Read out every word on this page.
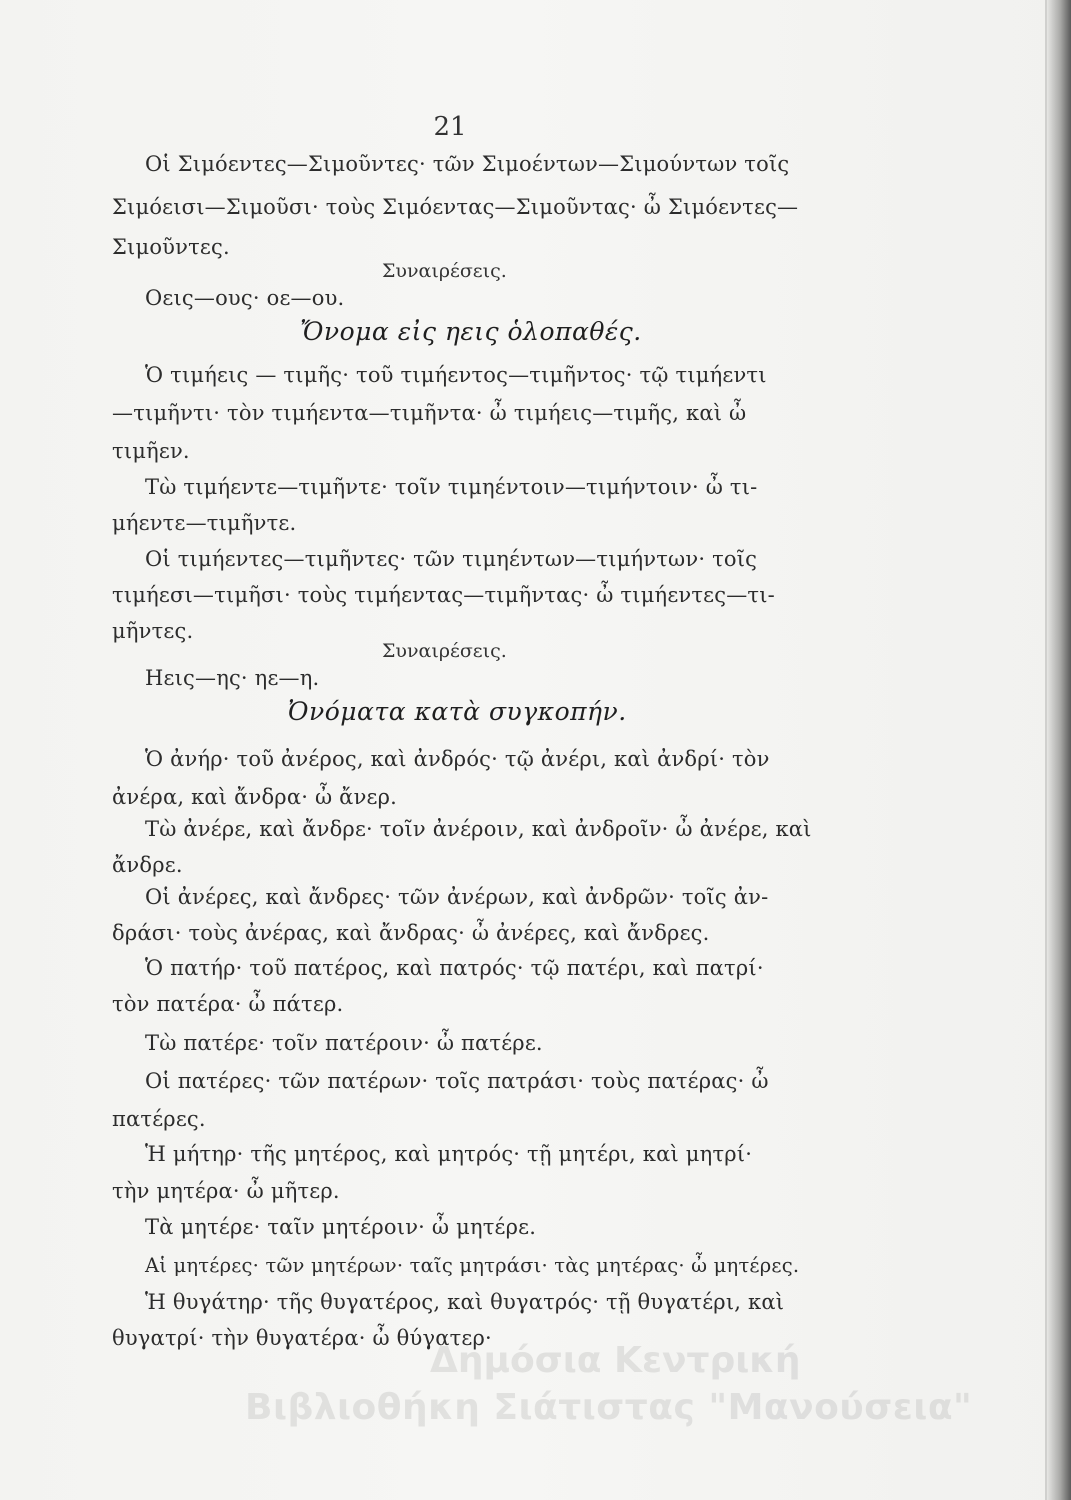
21
Οἱ Σιμόεντες—Σιμοῦντες· τῶν Σιμοέντων—Σιμούντων τοῖς
Σιμόεισι—Σιμοῦσι· τοὺς Σιμόεντας—Σιμοῦντας· ὦ Σιμόεντες—
Σιμοῦντες.
Συναιρέσεις.
Οεις—ους· οε—ου.
Ὄνομα εἰς ηεις ὁλοπαθές.
Ὁ τιμήεις — τιμῆς· τοῦ τιμήεντος—τιμῆντος· τῷ τιμήεντι
—τιμῆντι· τὸν τιμήεντα—τιμῆντα· ὦ τιμήεις—τιμῆς, καὶ ὦ
τιμῆεν.
Τὼ τιμήεντε—τιμῆντε· τοῖν τιμηέντοιν—τιμήντοιν· ὦ τι-
μήεντε—τιμῆντε.
Οἱ τιμήεντες—τιμῆντες· τῶν τιμηέντων—τιμήντων· τοῖς
τιμήεσι—τιμῆσι· τοὺς τιμήεντας—τιμῆντας· ὦ τιμήεντες—τι-
μῆντες.
Συναιρέσεις.
Ηεις—ης· ηε—η.
Ὀνόματα κατὰ συγκοπήν.
Ὁ ἀνήρ· τοῦ ἀνέρος, καὶ ἀνδρός· τῷ ἀνέρι, καὶ ἀνδρί· τὸν
ἀνέρα, καὶ ἄνδρα· ὦ ἄνερ.
Τὼ ἀνέρε, καὶ ἄνδρε· τοῖν ἀνέροιν, καὶ ἀνδροῖν· ὦ ἀνέρε, καὶ
ἄνδρε.
Οἱ ἀνέρες, καὶ ἄνδρες· τῶν ἀνέρων, καὶ ἀνδρῶν· τοῖς ἀν-
δράσι· τοὺς ἀνέρας, καὶ ἄνδρας· ὦ ἀνέρες, καὶ ἄνδρες.
Ὁ πατήρ· τοῦ πατέρος, καὶ πατρός· τῷ πατέρι, καὶ πατρί·
τὸν πατέρα· ὦ πάτερ.
Τὼ πατέρε· τοῖν πατέροιν· ὦ πατέρε.
Οἱ πατέρες· τῶν πατέρων· τοῖς πατράσι· τοὺς πατέρας· ὦ
πατέρες.
Ἡ μήτηρ· τῆς μητέρος, καὶ μητρός· τῇ μητέρι, καὶ μητρί·
τὴν μητέρα· ὦ μῆτερ.
Τὰ μητέρε· ταῖν μητέροιν· ὦ μητέρε.
Αἱ μητέρες· τῶν μητέρων· ταῖς μητράσι· τὰς μητέρας· ὦ μητέρες.
Ἡ θυγάτηρ· τῆς θυγατέρος, καὶ θυγατρός· τῇ θυγατέρι, καὶ
θυγατρί· τὴν θυγατέρα· ὦ θύγατερ·
Δημόσια Κεντρική
Βιβλιοθήκη Σιάτιστας "Μανούσεια"
